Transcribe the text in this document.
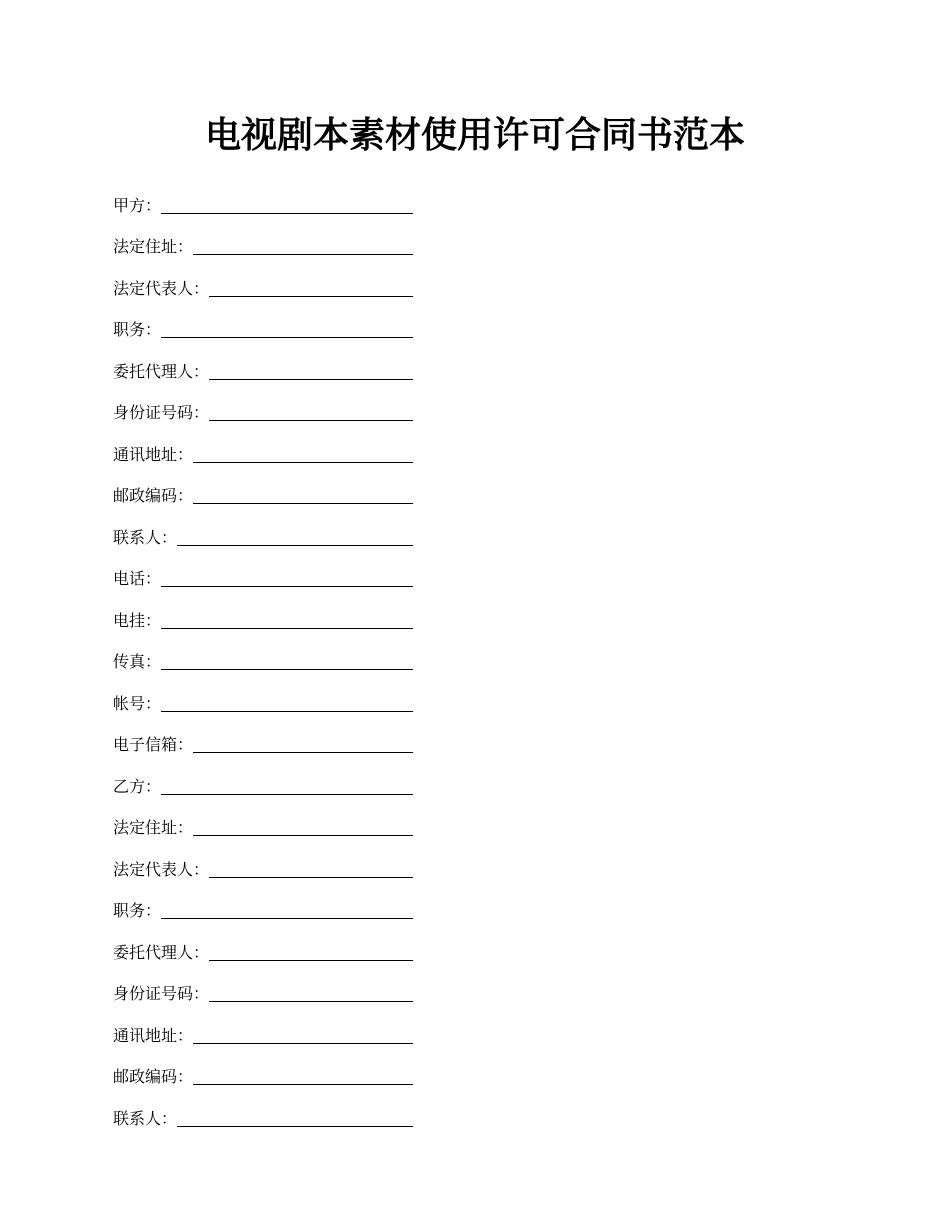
电视剧本素材使用许可合同书范本
甲方：
法定住址：
法定代表人：
职务：
委托代理人：
身份证号码：
通讯地址：
邮政编码：
联系人：
电话：
电挂：
传真：
帐号：
电子信箱：
乙方：
法定住址：
法定代表人：
职务：
委托代理人：
身份证号码：
通讯地址：
邮政编码：
联系人：
